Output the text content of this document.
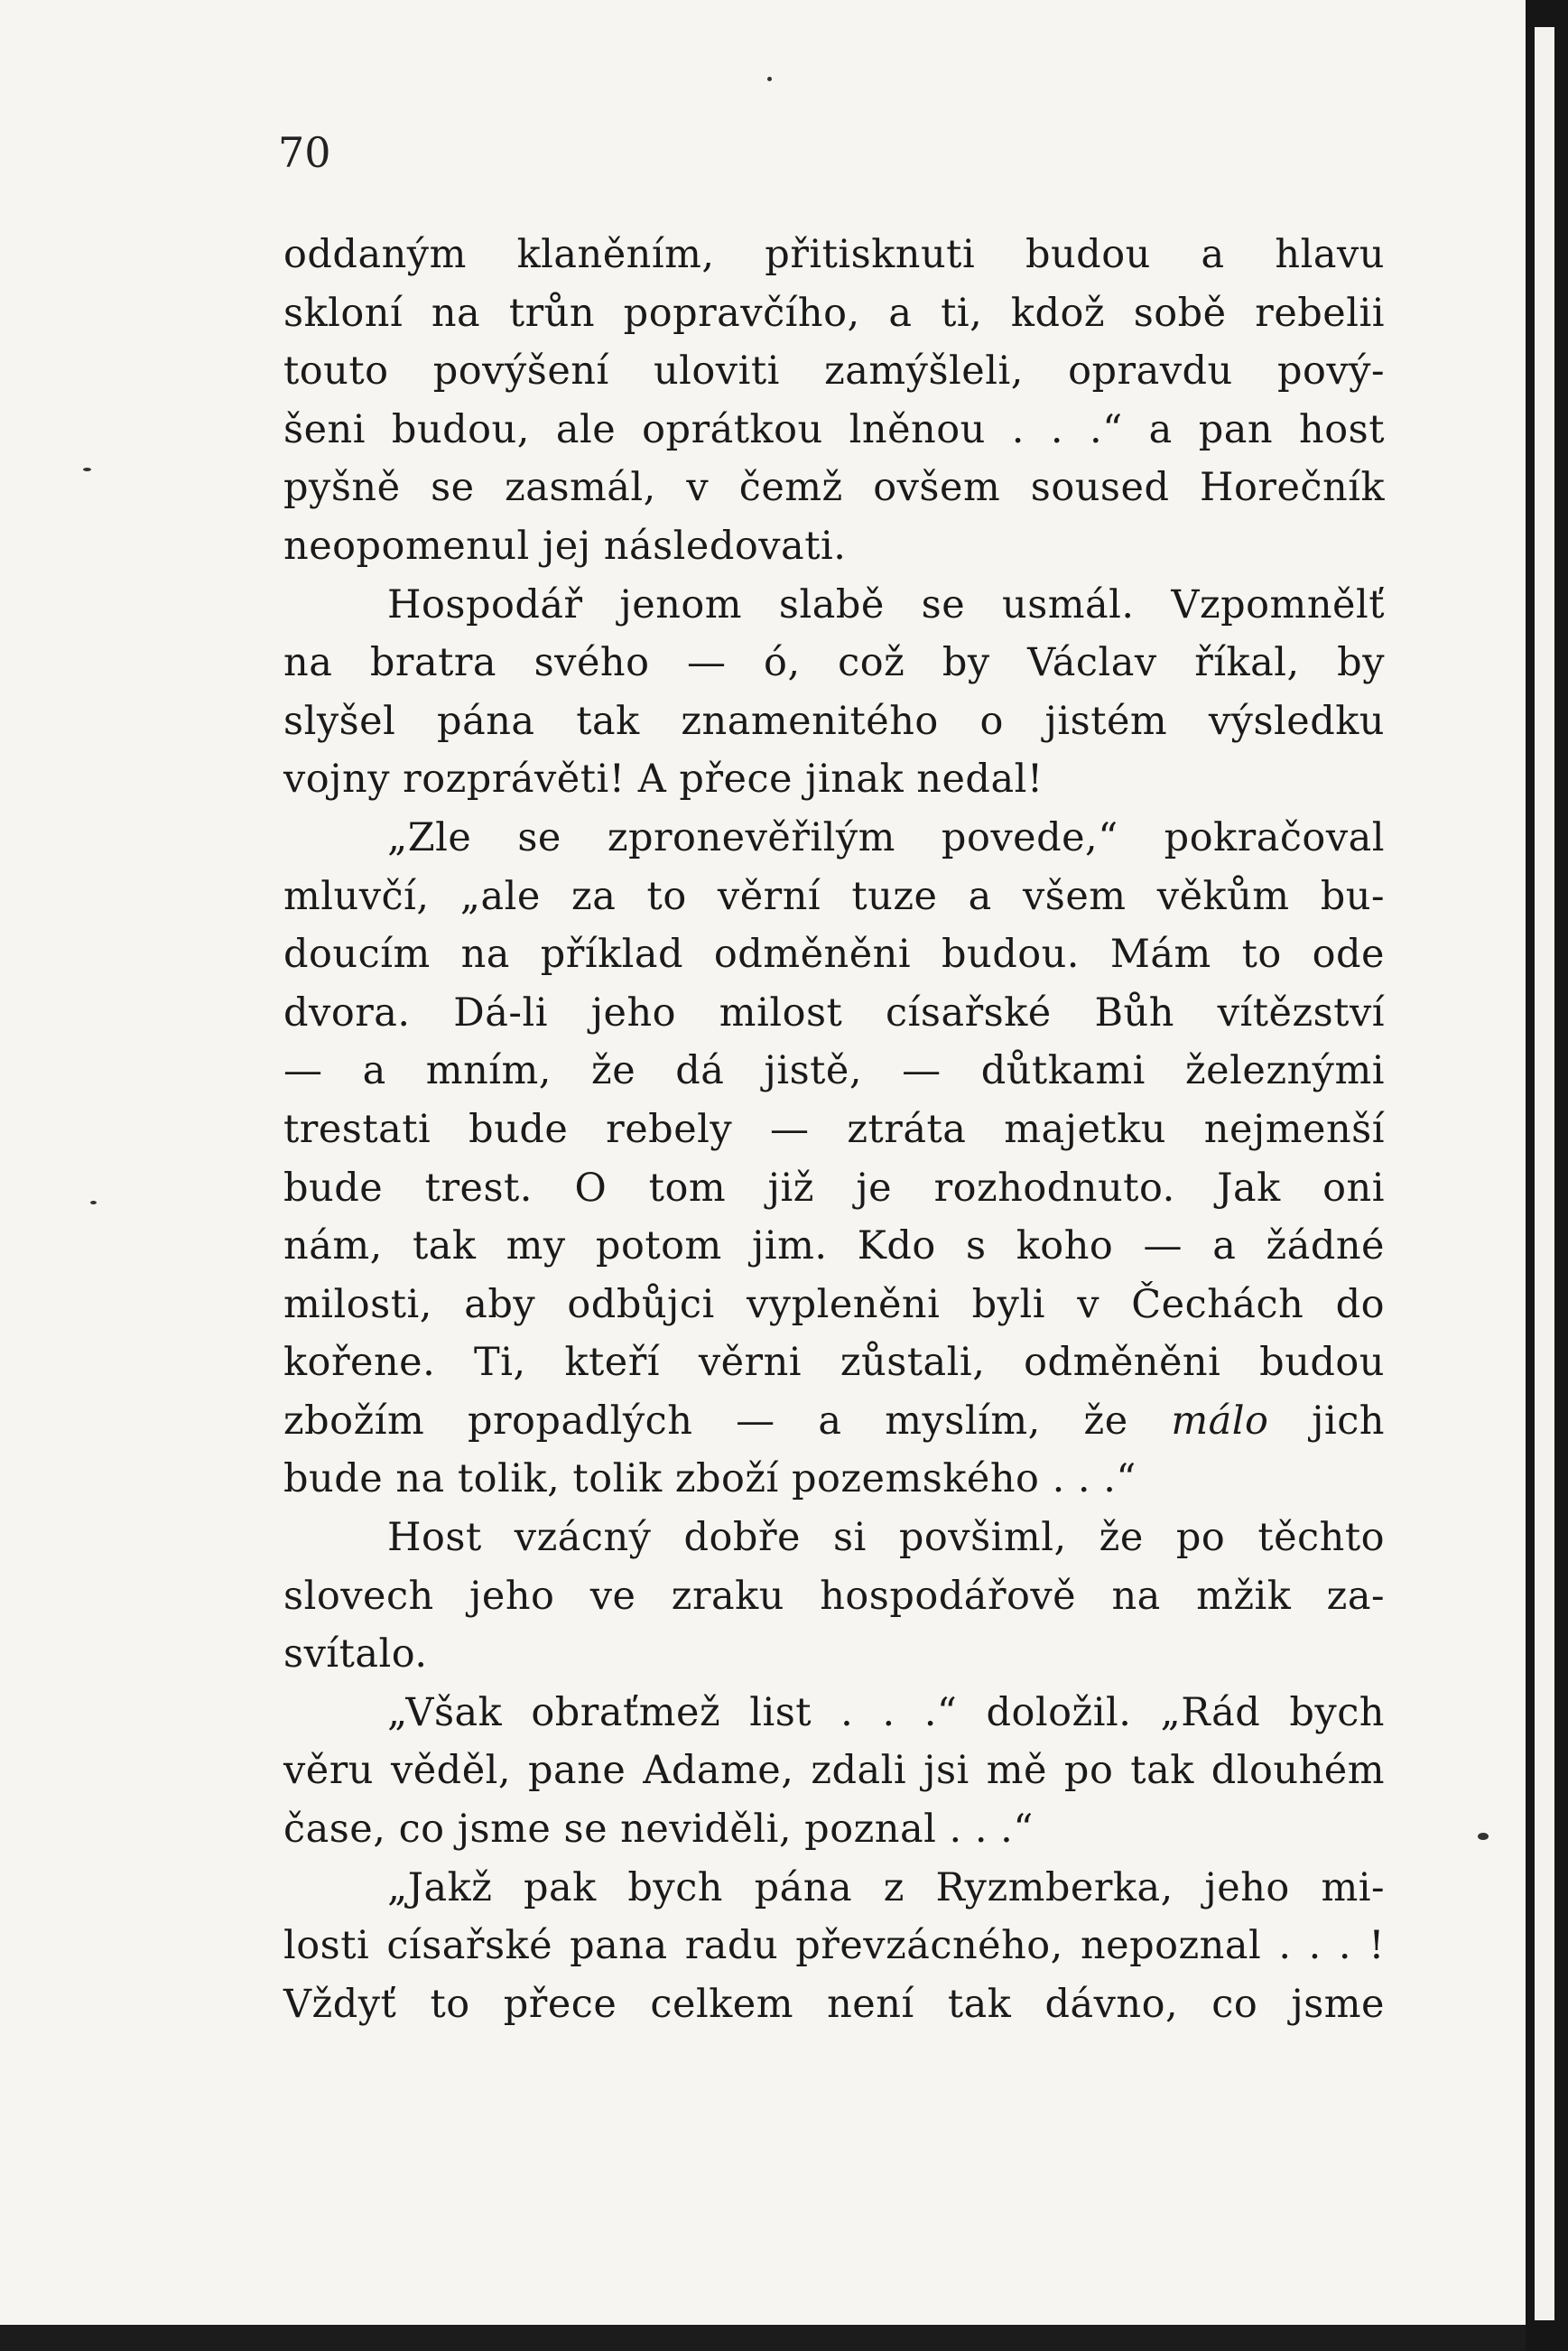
70
oddaným klaněním, přitisknuti budou a hlavu
skloní na trůn popravčího, a ti, kdož sobě rebelii
touto povýšení uloviti zamýšleli, opravdu pový-
šeni budou, ale oprátkou lněnou . . .“ a pan host
pyšně se zasmál, v čemž ovšem soused Horečník
neopomenul jej následovati.
Hospodář jenom slabě se usmál. Vzpomnělť
na bratra svého — ó, což by Václav říkal, by
slyšel pána tak znamenitého o jistém výsledku
vojny rozprávěti! A přece jinak nedal!
„Zle se zpronevěřilým povede,“ pokračoval
mluvčí, „ale za to věrní tuze a všem věkům bu-
doucím na příklad odměněni budou. Mám to ode
dvora. Dá-li jeho milost císařské Bůh vítězství
— a mním, že dá jistě, — důtkami železnými
trestati bude rebely — ztráta majetku nejmenší
bude trest. O tom již je rozhodnuto. Jak oni
nám, tak my potom jim. Kdo s koho — a žádné
milosti, aby odbůjci vypleněni byli v Čechách do
kořene. Ti, kteří věrni zůstali, odměněni budou
zbožím propadlých — a myslím, že málo jich
bude na tolik, tolik zboží pozemského . . .“
Host vzácný dobře si povšiml, že po těchto
slovech jeho ve zraku hospodářově na mžik za-
svítalo.
„Však obraťmež list . . .“ doložil. „Rád bych
věru věděl, pane Adame, zdali jsi mě po tak dlouhém
čase, co jsme se neviděli, poznal . . .“
„Jakž pak bych pána z Ryzmberka, jeho mi-
losti císařské pana radu převzácného, nepoznal . . . !
Vždyť to přece celkem není tak dávno, co jsme
